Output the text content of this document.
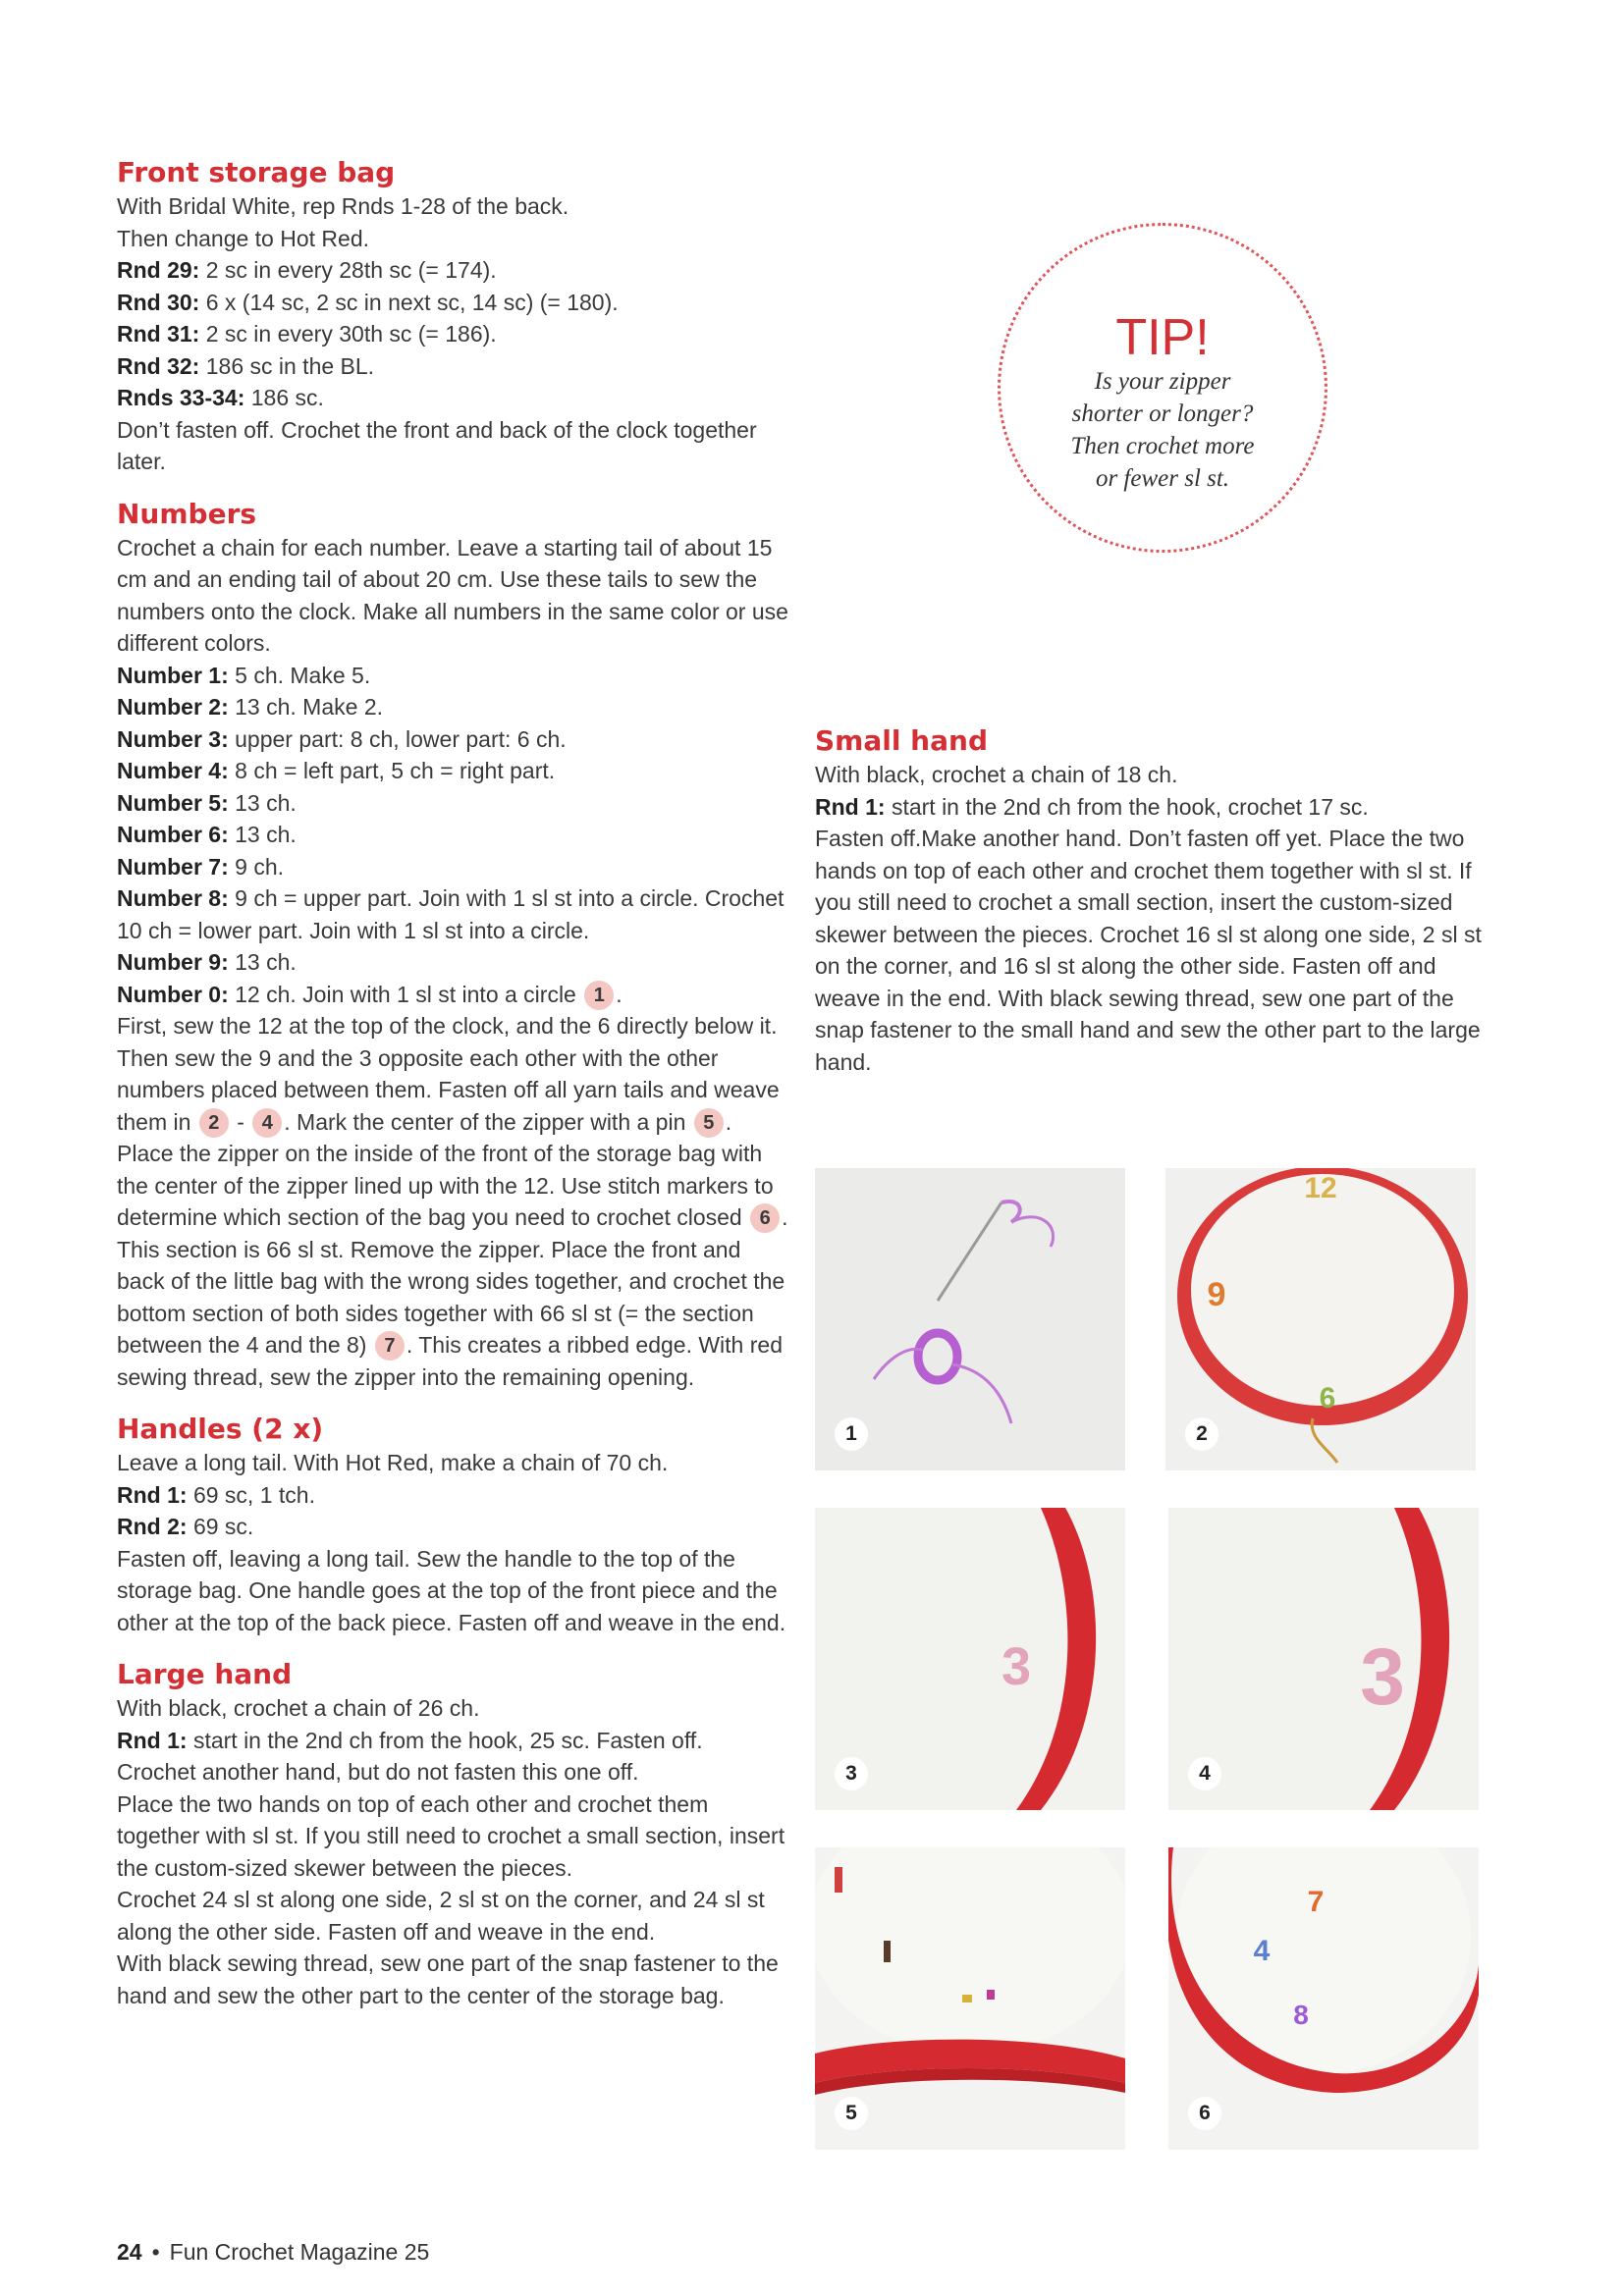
Front storage bag

With Bridal White, rep Rnds 1-28 of the back.

Then change to Hot Red.

Rnd 29: 2 sc in every 28th sc (= 174).

Rnd 30: 6 x (14 sc, 2 sc in next sc, 14 sc) (= 180).

Rnd 31: 2 sc in every 30th sc (= 186).

Rnd 32: 186 sc in the BL.

Rnds 33-34: 186 sc.

Don’t fasten off. Crochet the front and back of the clock together later.

Numbers

Crochet a chain for each number. Leave a starting tail of about 15 cm and an ending tail of about 20 cm. Use these tails to sew the numbers onto the clock. Make all numbers in the same color or use different colors.

Number 1: 5 ch. Make 5.

Number 2: 13 ch. Make 2.

Number 3: upper part: 8 ch, lower part: 6 ch.

Number 4: 8 ch = left part, 5 ch = right part.

Number 5: 13 ch.

Number 6: 13 ch.

Number 7: 9 ch.

Number 8: 9 ch = upper part. Join with 1 sl st into a circle. Crochet 10 ch = lower part. Join with 1 sl st into a circle.

Number 9: 13 ch.

Number 0: 12 ch. Join with 1 sl st into a circle 1 .

First, sew the 12 at the top of the clock, and the 6 directly below it. Then sew the 9 and the 3 opposite each other with the other numbers placed between them. Fasten off all yarn tails and weave them in 2 - 4 . Mark the center of the zipper with a pin 5 . Place the zipper on the inside of the front of the storage bag with the center of the zipper lined up with the 12. Use stitch markers to determine which section of the bag you need to crochet closed 6 . This section is 66 sl st. Remove the zipper. Place the front and back of the little bag with the wrong sides together, and crochet the bottom section of both sides together with 66 sl st (= the section between the 4 and the 8) 7 . This creates a ribbed edge. With red sewing thread, sew the zipper into the remaining opening.

Handles (2 x)

Leave a long tail. With Hot Red, make a chain of 70 ch.

Rnd 1: 69 sc, 1 tch.

Rnd 2: 69 sc.

Fasten off, leaving a long tail. Sew the handle to the top of the storage bag. One handle goes at the top of the front piece and the other at the top of the back piece. Fasten off and weave in the end.

Large hand

With black, crochet a chain of 26 ch.

Rnd 1: start in the 2nd ch from the hook, 25 sc. Fasten off.

Crochet another hand, but do not fasten this one off.

Place the two hands on top of each other and crochet them together with sl st. If you still need to crochet a small section, insert the custom-sized skewer between the pieces.

Crochet 24 sl st along one side, 2 sl st on the corner, and 24 sl st along the other side. Fasten off and weave in the end.

With black sewing thread, sew one part of the snap fastener to the hand and sew the other part to the center of the storage bag.

TIP!
Is your zipper
shorter or longer?
Then crochet more
or fewer sl st.
Small hand

With black, crochet a chain of 18 ch.

Rnd 1: start in the 2nd ch from the hook, crochet 17 sc.

Fasten off.Make another hand. Don’t fasten off yet. Place the two hands on top of each other and crochet them together with sl st. If you still need to crochet a small section, insert the custom-sized skewer between the pieces. Crochet 16 sl st along one side, 2 sl st on the corner, and 16 sl st along the other side. Fasten off and weave in the end. With black sewing thread, sew one part of the snap fastener to the small hand and sew the other part to the large hand.

1
12
9
6
2
3
3
3
4
5
4
7
8
6
24 • Fun Crochet Magazine 25
